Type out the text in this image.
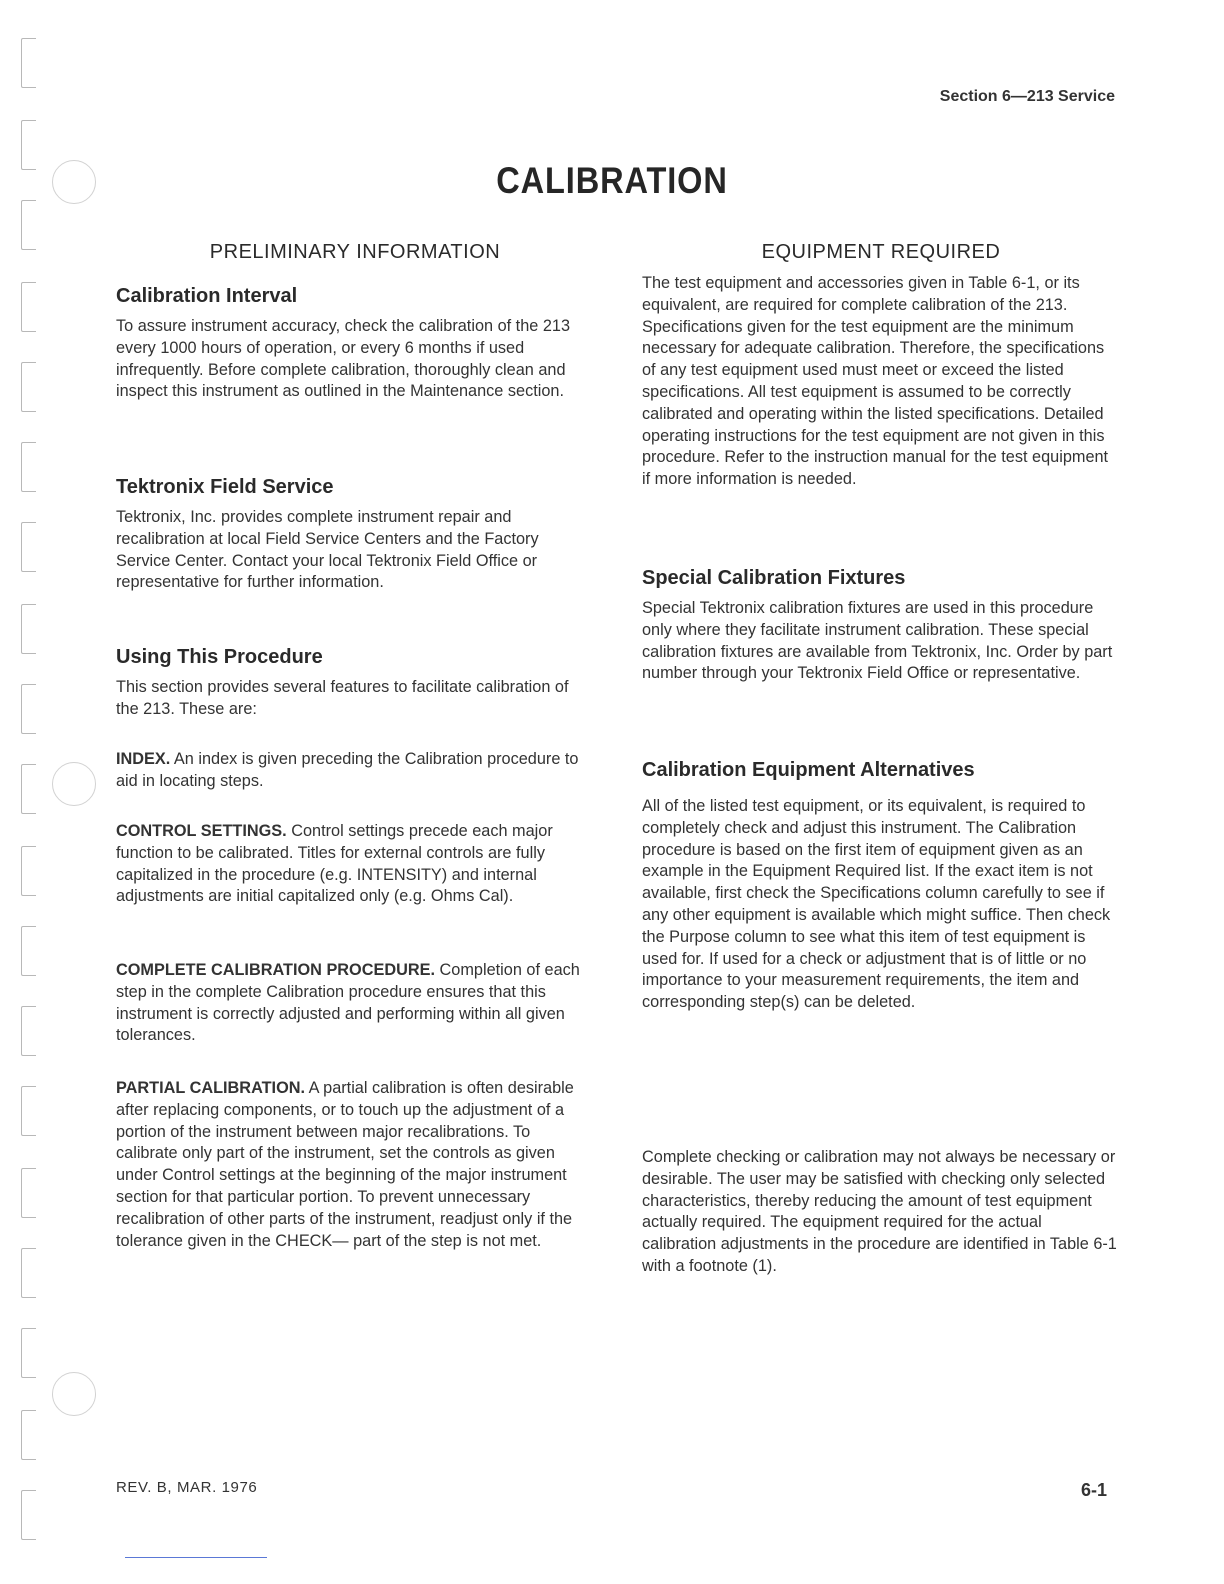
Section 6—213 Service
CALIBRATION
PRELIMINARY INFORMATION
Calibration Interval
To assure instrument accuracy, check the calibration of the 213 every 1000 hours of operation, or every 6 months if used infrequently. Before complete calibration, thoroughly clean and inspect this instrument as outlined in the Maintenance section.
Tektronix Field Service
Tektronix, Inc. provides complete instrument repair and recalibration at local Field Service Centers and the Factory Service Center. Contact your local Tektronix Field Office or representative for further information.
Using This Procedure
This section provides several features to facilitate calibration of the 213. These are:
INDEX. An index is given preceding the Calibration procedure to aid in locating steps.
CONTROL SETTINGS. Control settings precede each major function to be calibrated. Titles for external controls are fully capitalized in the procedure (e.g. INTENSITY) and internal adjustments are initial capitalized only (e.g. Ohms Cal).
COMPLETE CALIBRATION PROCEDURE. Completion of each step in the complete Calibration procedure ensures that this instrument is correctly adjusted and performing within all given tolerances.
PARTIAL CALIBRATION. A partial calibration is often desirable after replacing components, or to touch up the adjustment of a portion of the instrument between major recalibrations. To calibrate only part of the instrument, set the controls as given under Control settings at the beginning of the major instrument section for that particular portion. To prevent unnecessary recalibration of other parts of the instrument, readjust only if the tolerance given in the CHECK— part of the step is not met.
EQUIPMENT REQUIRED
The test equipment and accessories given in Table 6-1, or its equivalent, are required for complete calibration of the 213. Specifications given for the test equipment are the minimum necessary for adequate calibration. Therefore, the specifications of any test equipment used must meet or exceed the listed specifications. All test equipment is assumed to be correctly calibrated and operating within the listed specifications. Detailed operating instructions for the test equipment are not given in this procedure. Refer to the instruction manual for the test equipment if more information is needed.
Special Calibration Fixtures
Special Tektronix calibration fixtures are used in this procedure only where they facilitate instrument calibration. These special calibration fixtures are available from Tektronix, Inc. Order by part number through your Tektronix Field Office or representative.
Calibration Equipment Alternatives
All of the listed test equipment, or its equivalent, is required to completely check and adjust this instrument. The Calibration procedure is based on the first item of equipment given as an example in the Equipment Required list. If the exact item is not available, first check the Specifications column carefully to see if any other equipment is available which might suffice. Then check the Purpose column to see what this item of test equipment is used for. If used for a check or adjustment that is of little or no importance to your measurement requirements, the item and corresponding step(s) can be deleted.
Complete checking or calibration may not always be necessary or desirable. The user may be satisfied with checking only selected characteristics, thereby reducing the amount of test equipment actually required. The equipment required for the actual calibration adjustments in the procedure are identified in Table 6-1 with a footnote (1).
REV. B, MAR. 1976	6-1
